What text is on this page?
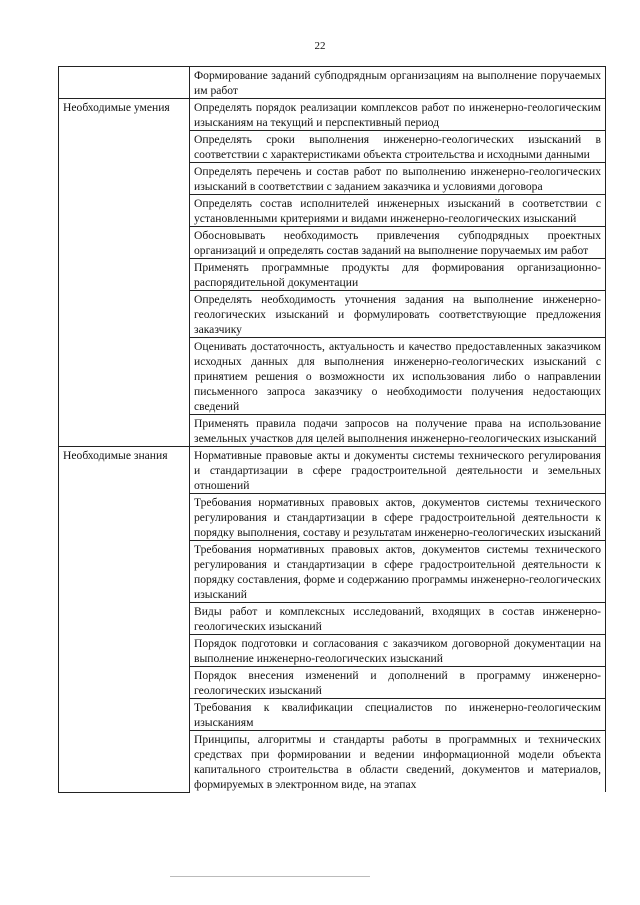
22
	Формирование заданий субподрядным организациям на выполнение поручаемых им работ
Необходимые умения	Определять порядок реализации комплексов работ по инженерно-геологическим изысканиям на текущий и перспективный период
	Определять сроки выполнения инженерно-геологических изысканий в соответствии с характеристиками объекта строительства и исходными данными
	Определять перечень и состав работ по выполнению инженерно-геологических изысканий в соответствии с заданием заказчика и условиями договора
	Определять состав исполнителей инженерных изысканий в соответствии с установленными критериями и видами инженерно-геологических изысканий
	Обосновывать необходимость привлечения субподрядных проектных организаций и определять состав заданий на выполнение поручаемых им работ
	Применять программные продукты для формирования организационно-распорядительной документации
	Определять необходимость уточнения задания на выполнение инженерно-геологических изысканий и формулировать соответствующие предложения заказчику
	Оценивать достаточность, актуальность и качество предоставленных заказчиком исходных данных для выполнения инженерно-геологических изысканий с принятием решения о возможности их использования либо о направлении письменного запроса заказчику о необходимости получения недостающих сведений
	Применять правила подачи запросов на получение права на использование земельных участков для целей выполнения инженерно-геологических изысканий
Необходимые знания	Нормативные правовые акты и документы системы технического регулирования и стандартизации в сфере градостроительной деятельности и земельных отношений
	Требования нормативных правовых актов, документов системы технического регулирования и стандартизации в сфере градостроительной деятельности к порядку выполнения, составу и результатам инженерно-геологических изысканий
	Требования нормативных правовых актов, документов системы технического регулирования и стандартизации в сфере градостроительной деятельности к порядку составления, форме и содержанию программы инженерно-геологических изысканий
	Виды работ и комплексных исследований, входящих в состав инженерно-геологических изысканий
	Порядок подготовки и согласования с заказчиком договорной документации на выполнение инженерно-геологических изысканий
	Порядок внесения изменений и дополнений в программу инженерно-геологических изысканий
	Требования к квалификации специалистов по инженерно-геологическим изысканиям
	Принципы, алгоритмы и стандарты работы в программных и технических средствах при формировании и ведении информационной модели объекта капитального строительства в области сведений, документов и материалов, формируемых в электронном виде, на этапах
